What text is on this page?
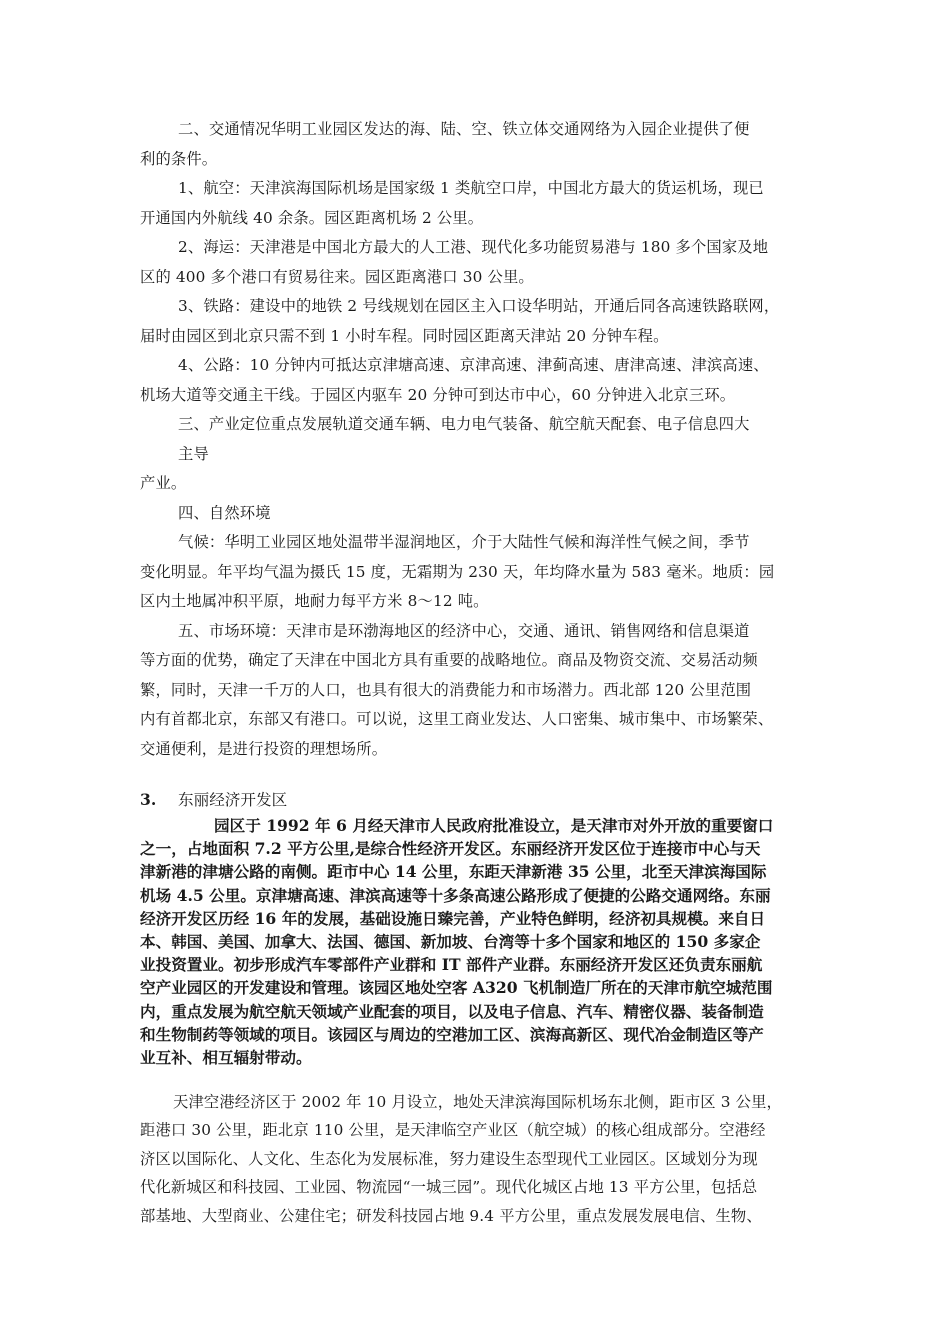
二、交通情况华明工业园区发达的海、陆、空、铁立体交通网络为入园企业提供了便
利的条件。
1、航空：天津滨海国际机场是国家级 1 类航空口岸，中国北方最大的货运机场，现已
开通国内外航线 40 余条。园区距离机场 2 公里。
2、海运：天津港是中国北方最大的人工港、现代化多功能贸易港与 180 多个国家及地
区的 400 多个港口有贸易往来。园区距离港口 30 公里。
3、铁路：建设中的地铁 2 号线规划在园区主入口设华明站，开通后同各高速铁路联网，
届时由园区到北京只需不到 1 小时车程。同时园区距离天津站 20 分钟车程。
4、公路：10 分钟内可抵达京津塘高速、京津高速、津蓟高速、唐津高速、津滨高速、
机场大道等交通主干线。于园区内驱车 20 分钟可到达市中心，60 分钟进入北京三环。
三、产业定位重点发展轨道交通车辆、电力电气装备、航空航天配套、电子信息四大
主导
产业。
四、自然环境
气候：华明工业园区地处温带半湿润地区，介于大陆性气候和海洋性气候之间，季节
变化明显。年平均气温为摄氏 15 度，无霜期为 230 天，年均降水量为 583 毫米。地质：园
区内土地属冲积平原，地耐力每平方米 8～12 吨。
五、市场环境：天津市是环渤海地区的经济中心，交通、通讯、销售网络和信息渠道
等方面的优势，确定了天津在中国北方具有重要的战略地位。商品及物资交流、交易活动频
繁，同时，天津一千万的人口，也具有很大的消费能力和市场潜力。西北部 120 公里范围
内有首都北京，东部又有港口。可以说，这里工商业发达、人口密集、城市集中、市场繁荣、
交通便利，是进行投资的理想场所。
3. 东丽经济开发区
园区于 1992 年 6 月经天津市人民政府批准设立，是天津市对外开放的重要窗口
之一，占地面积 7.2 平方公里,是综合性经济开发区。东丽经济开发区位于连接市中心与天
津新港的津塘公路的南侧。距市中心 14 公里，东距天津新港 35 公里，北至天津滨海国际
机场 4.5 公里。京津塘高速、津滨高速等十多条高速公路形成了便捷的公路交通网络。东丽
经济开发区历经 16 年的发展，基础设施日臻完善，产业特色鲜明，经济初具规模。来自日
本、韩国、美国、加拿大、法国、德国、新加坡、台湾等十多个国家和地区的 150 多家企
业投资置业。初步形成汽车零部件产业群和 IT 部件产业群。东丽经济开发区还负责东丽航
空产业园区的开发建设和管理。该园区地处空客 A320 飞机制造厂所在的天津市航空城范围
内，重点发展为航空航天领域产业配套的项目，以及电子信息、汽车、精密仪器、装备制造
和生物制药等领域的项目。该园区与周边的空港加工区、滨海高新区、现代冶金制造区等产
业互补、相互辐射带动。
天津空港经济区于 2002 年 10 月设立，地处天津滨海国际机场东北侧，距市区 3 公里，
距港口 30 公里，距北京 110 公里，是天津临空产业区（航空城）的核心组成部分。空港经
济区以国际化、人文化、生态化为发展标准，努力建设生态型现代工业园区。区域划分为现
代化新城区和科技园、工业园、物流园“一城三园”。现代化城区占地 13 平方公里，包括总
部基地、大型商业、公建住宅；研发科技园占地 9.4 平方公里，重点发展发展电信、生物、
